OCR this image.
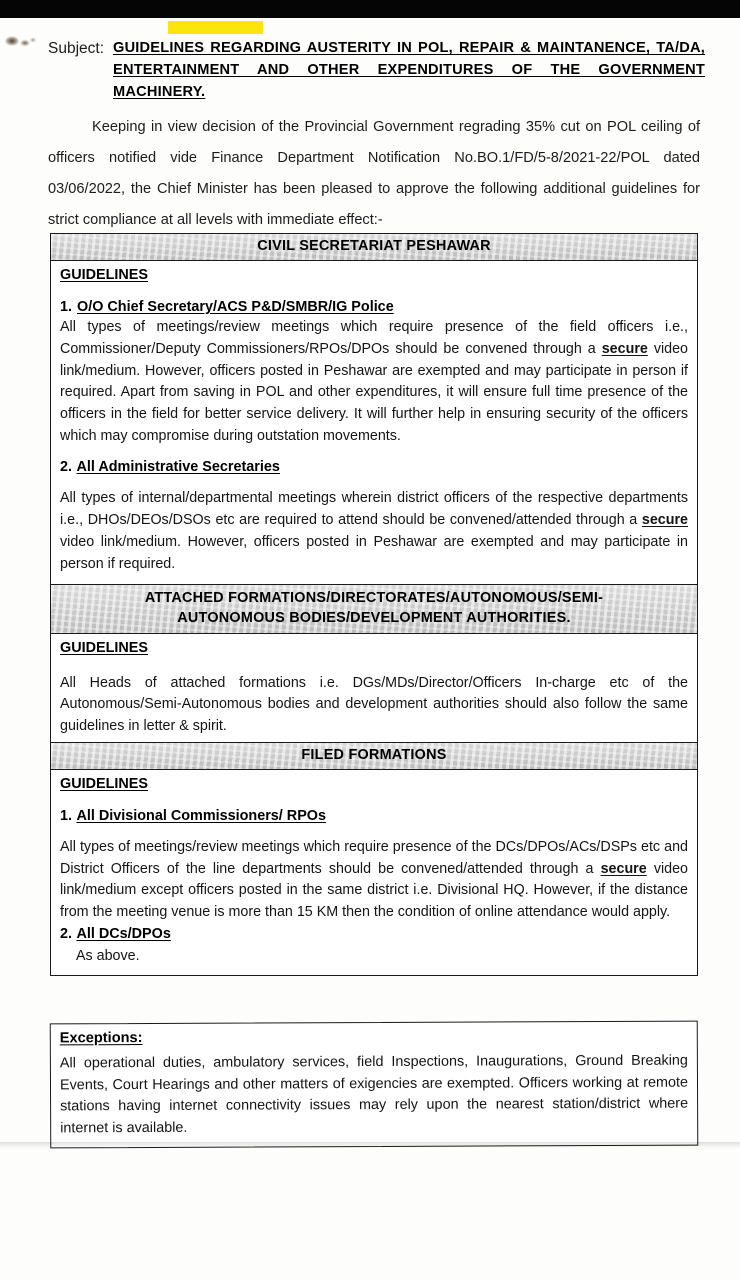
Subject: GUIDELINES REGARDING AUSTERITY IN POL, REPAIR & MAINTANENCE, TA/DA, ENTERTAINMENT AND OTHER EXPENDITURES OF THE GOVERNMENT MACHINERY.
Keeping in view decision of the Provincial Government regrading 35% cut on POL ceiling of officers notified vide Finance Department Notification No.BO.1/FD/5-8/2021-22/POL dated 03/06/2022, the Chief Minister has been pleased to approve the following additional guidelines for strict compliance at all levels with immediate effect:-
CIVIL SECRETARIAT PESHAWAR
GUIDELINES
1. O/O Chief Secretary/ACS P&D/SMBR/IG Police
All types of meetings/review meetings which require presence of the field officers i.e., Commissioner/Deputy Commissioners/RPOs/DPOs should be convened through a secure video link/medium. However, officers posted in Peshawar are exempted and may participate in person if required. Apart from saving in POL and other expenditures, it will ensure full time presence of the officers in the field for better service delivery. It will further help in ensuring security of the officers which may compromise during outstation movements.
2. All Administrative Secretaries
All types of internal/departmental meetings wherein district officers of the respective departments i.e., DHOs/DEOs/DSOs etc are required to attend should be convened/attended through a secure video link/medium. However, officers posted in Peshawar are exempted and may participate in person if required.
ATTACHED FORMATIONS/DIRECTORATES/AUTONOMOUS/SEMI-
AUTONOMOUS BODIES/DEVELOPMENT AUTHORITIES.
GUIDELINES
All Heads of attached formations i.e. DGs/MDs/Director/Officers In-charge etc of the Autonomous/Semi-Autonomous bodies and development authorities should also follow the same guidelines in letter & spirit.
FILED FORMATIONS
GUIDELINES
1. All Divisional Commissioners/ RPOs
All types of meetings/review meetings which require presence of the DCs/DPOs/ACs/DSPs etc and District Officers of the line departments should be convened/attended through a secure video link/medium except officers posted in the same district i.e. Divisional HQ. However, if the distance from the meeting venue is more than 15 KM then the condition of online attendance would apply.
2. All DCs/DPOs
As above.
Exceptions:
All operational duties, ambulatory services, field Inspections, Inaugurations, Ground Breaking Events, Court Hearings and other matters of exigencies are exempted. Officers working at remote stations having internet connectivity issues may rely upon the nearest station/district where internet is available.
